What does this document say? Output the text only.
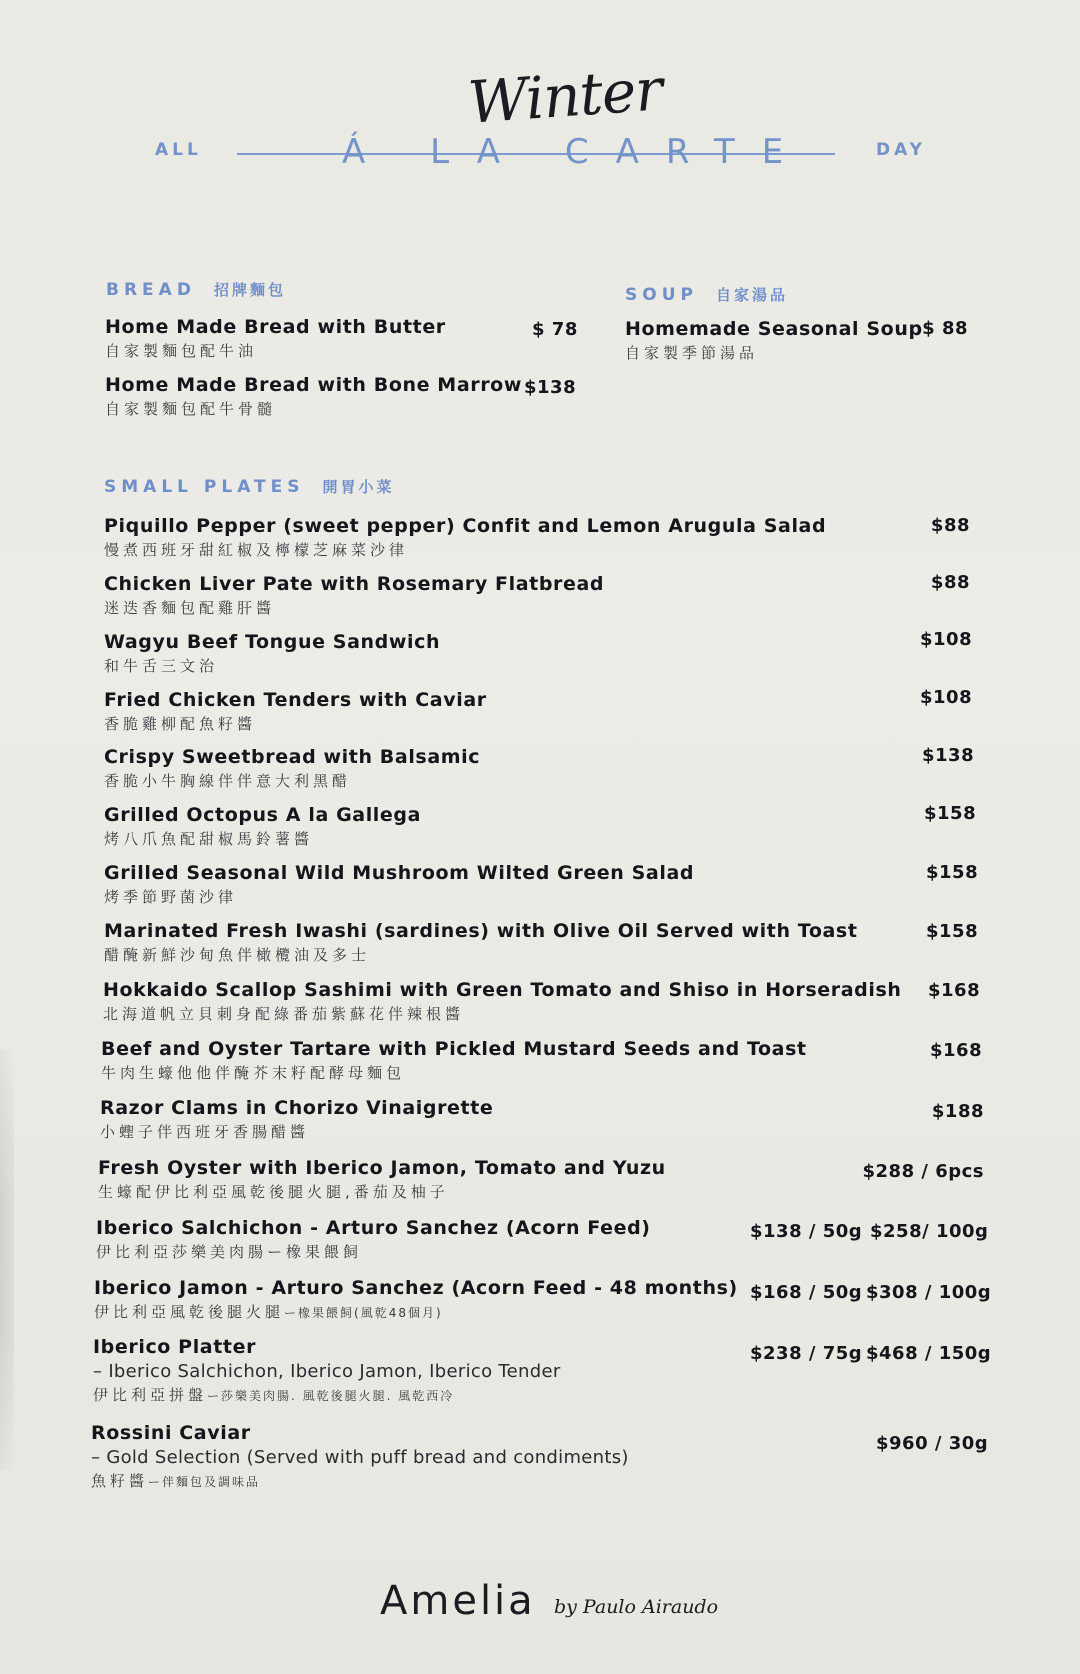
Winter
ALL	Á LA CARTE	DAY
BREAD 招牌麵包
Home Made Bread with Butter
自家製麵包配牛油
$ 78
Home Made Bread with Bone Marrow
自家製麵包配牛骨髓
$138
SOUP 自家湯品
Homemade Seasonal Soup
自家製季節湯品
$ 88
SMALL PLATES 開胃小菜
Piquillo Pepper (sweet pepper) Confit and Lemon Arugula Salad
慢煮西班牙甜紅椒及檸檬芝麻菜沙律
$88
Chicken Liver Pate with Rosemary Flatbread
迷迭香麵包配雞肝醬
$88
Wagyu Beef Tongue Sandwich
和牛舌三文治
$108
Fried Chicken Tenders with Caviar
香脆雞柳配魚籽醬
$108
Crispy Sweetbread with Balsamic
香脆小牛胸線伴伴意大利黑醋
$138
Grilled Octopus A la Gallega
烤八爪魚配甜椒馬鈴薯醬
$158
Grilled Seasonal Wild Mushroom Wilted Green Salad
烤季節野菌沙律
$158
Marinated Fresh Iwashi (sardines) with Olive Oil Served with Toast
醋醃新鮮沙甸魚伴橄欖油及多士
$158
Hokkaido Scallop Sashimi with Green Tomato and Shiso in Horseradish
北海道帆立貝刺身配綠番茄紫蘇花伴辣根醬
$168
Beef and Oyster Tartare with Pickled Mustard Seeds and Toast
牛肉生蠔他他伴醃芥末籽配酵母麵包
$168
Razor Clams in Chorizo Vinaigrette
小蟶子伴西班牙香腸醋醬
$188
Fresh Oyster with Iberico Jamon, Tomato and Yuzu
生蠔配伊比利亞風乾後腿火腿,番茄及柚子
$288 / 6pcs
Iberico Salchichon - Arturo Sanchez (Acorn Feed)
伊比利亞莎樂美肉腸ー橡果餵飼
$138 / 50g $258/ 100g
Iberico Jamon - Arturo Sanchez (Acorn Feed - 48 months)
伊比利亞風乾後腿火腿ー橡果餵飼(風乾48個月)
$168 / 50g $308 / 100g
Iberico Platter
– Iberico Salchichon, Iberico Jamon, Iberico Tender
伊比利亞拼盤ー莎樂美肉腸. 風乾後腿火腿. 風乾西冷
$238 / 75g $468 / 150g
Rossini Caviar
– Gold Selection (Served with puff bread and condiments)
魚籽醬ー伴麵包及調味品
$960 / 30g
Amelia by Paulo Airaudo
